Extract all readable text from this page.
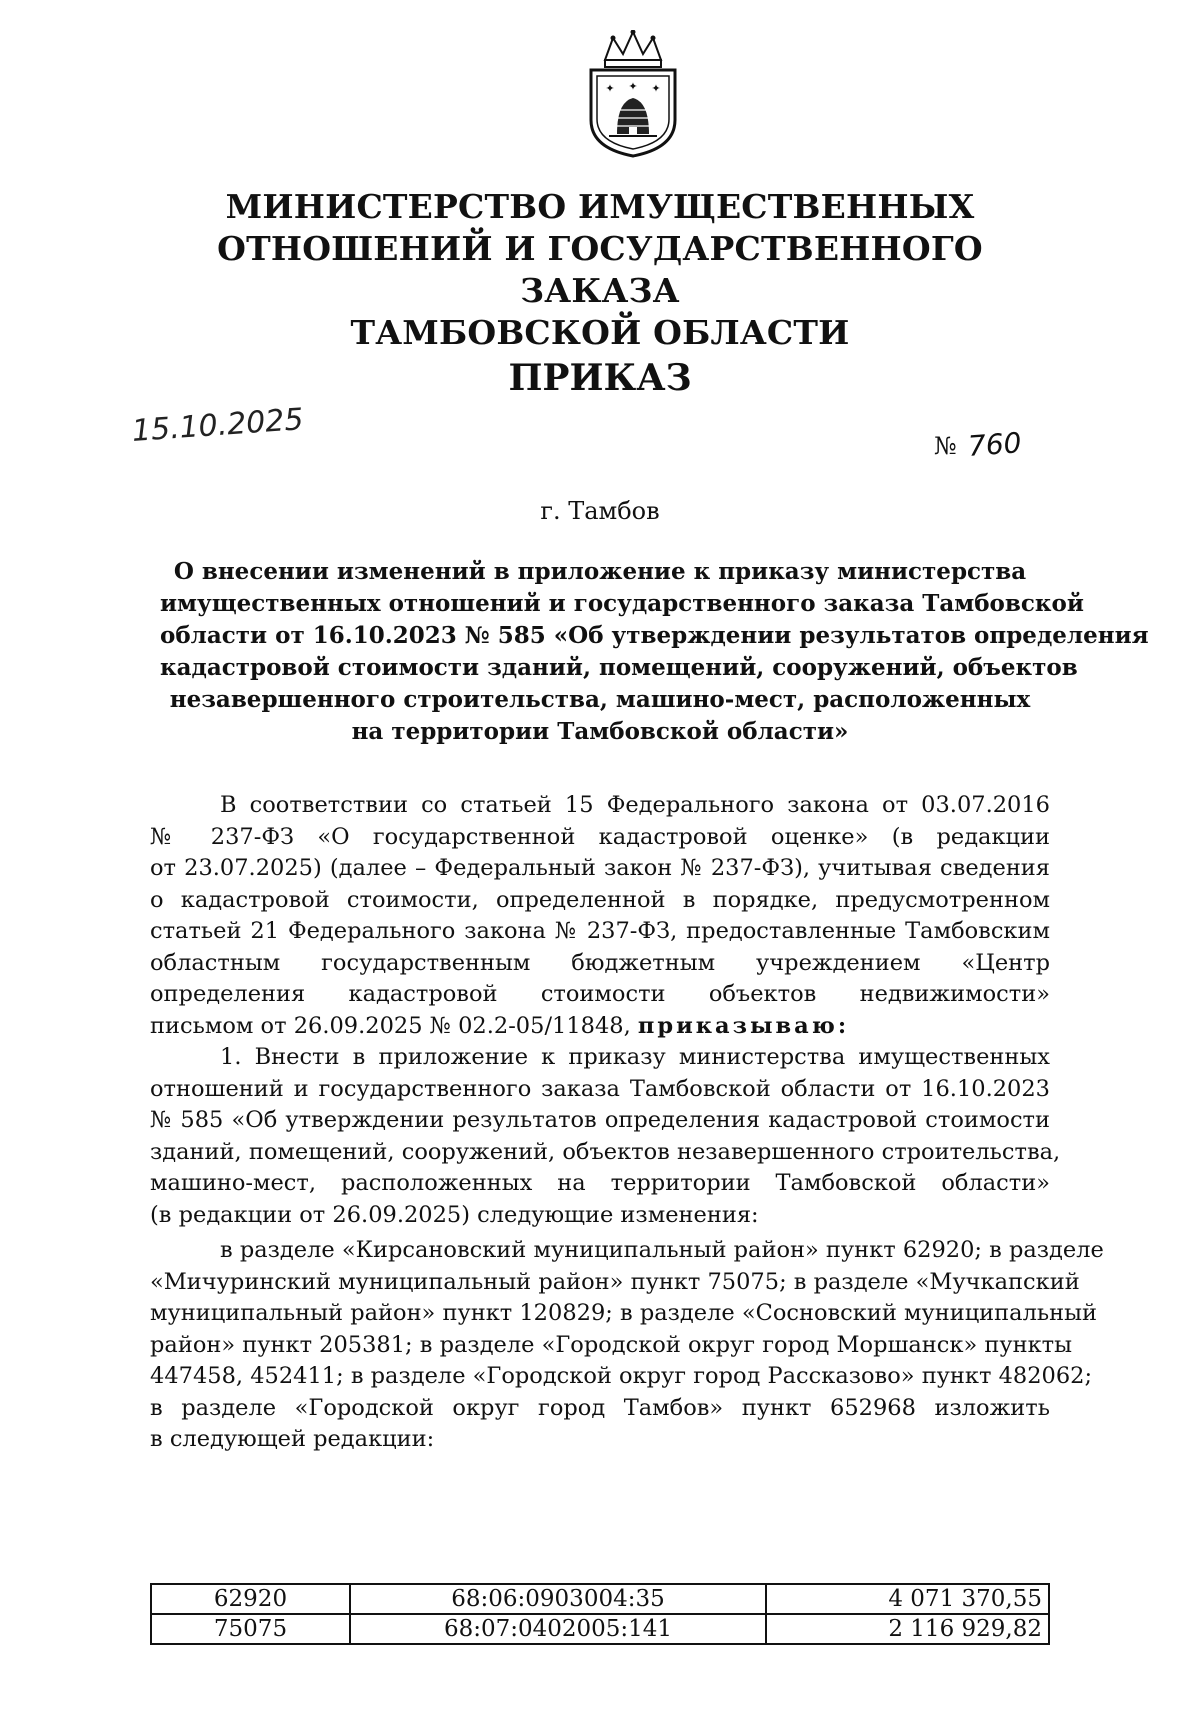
✦ ✦ ✦
МИНИСТЕРСТВО ИМУЩЕСТВЕННЫХ
ОТНОШЕНИЙ И ГОСУДАРСТВЕННОГО ЗАКАЗА
ТАМБОВСКОЙ ОБЛАСТИ
ПРИКАЗ
15.10.2025	№ 760
г. Тамбов
О внесении изменений в приложение к приказу министерства
имущественных отношений и государственного заказа Тамбовской
области от 16.10.2023 № 585 «Об утверждении результатов определения
кадастровой стоимости зданий, помещений, сооружений, объектов
незавершенного строительства, машино-мест, расположенных
на территории Тамбовской области»
В соответствии со статьей 15 Федерального закона от 03.07.2016
№ 237-ФЗ «О государственной кадастровой оценке» (в редакции
от 23.07.2025) (далее – Федеральный закон № 237-ФЗ), учитывая сведения
о кадастровой стоимости, определенной в порядке, предусмотренном
статьей 21 Федерального закона № 237-ФЗ, предоставленные Тамбовским
областным государственным бюджетным учреждением «Центр
определения кадастровой стоимости объектов недвижимости»
письмом от 26.09.2025 № 02.2-05/11848, приказываю:
1. Внести в приложение к приказу министерства имущественных
отношений и государственного заказа Тамбовской области от 16.10.2023
№ 585 «Об утверждении результатов определения кадастровой стоимости
зданий, помещений, сооружений, объектов незавершенного строительства,
машино-мест, расположенных на территории Тамбовской области»
(в редакции от 26.09.2025) следующие изменения:
в разделе «Кирсановский муниципальный район» пункт 62920; в разделе
«Мичуринский муниципальный район» пункт 75075; в разделе «Мучкапский
муниципальный район» пункт 120829; в разделе «Сосновский муниципальный
район» пункт 205381; в разделе «Городской округ город Моршанск» пункты
447458, 452411; в разделе «Городской округ город Рассказово» пункт 482062;
в разделе «Городской округ город Тамбов» пункт 652968 изложить
в следующей редакции:
62920	68:06:0903004:35	4 071 370,55
75075	68:07:0402005:141	2 116 929,82
